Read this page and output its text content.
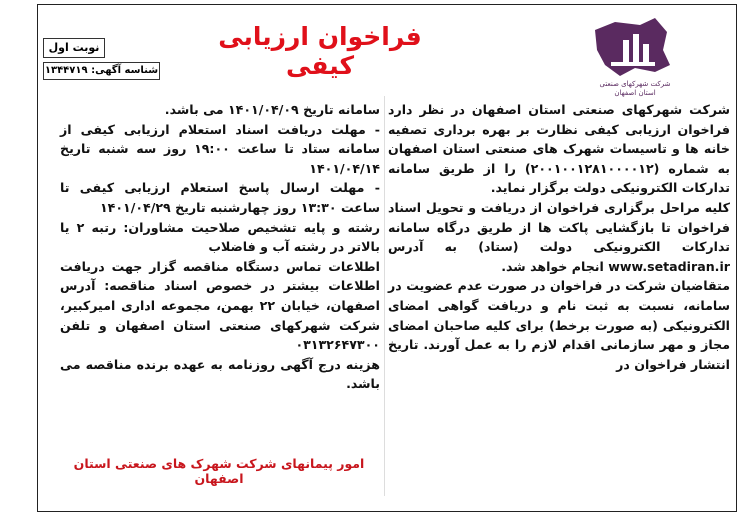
شرکت شهرکهای صنعتی استان اصفهان
فراخوان ارزیابی کیفی
نوبت اول
شناسه آگهی: ۱۳۴۴۷۱۹

شرکت شهرکهای صنعتی استان اصفهان در نظر دارد فراخوان ارزیابی کیفی نظارت بر بهره برداری تصفیه خانه ها و تاسیسات شهرک های صنعتی استان اصفهان به شماره (۲۰۰۱۰۰۱۲۸۱۰۰۰۰۱۲) را از طریق سامانه تدارکات الکترونیکی دولت برگزار نماید.

کلیه مراحل برگزاری فراخوان از دریافت و تحویل اسناد فراخوان تا بازگشایی پاکت ها از طریق درگاه سامانه تدارکات الکترونیکی دولت (ستاد) به آدرس www.setadiran.ir انجام خواهد شد.

متقاضیان شرکت در فراخوان در صورت عدم عضویت در سامانه، نسبت به ثبت نام و دریافت گواهی امضای الکترونیکی (به صورت برخط) برای کلیه صاحبان امضای مجاز و مهر سازمانی اقدام لازم را به عمل آورند. تاریخ انتشار فراخوان در

سامانه تاریخ ۱۴۰۱/۰۴/۰۹ می باشد.

- مهلت دریافت اسناد استعلام ارزیابی کیفی از سامانه ستاد تا ساعت ۱۹:۰۰ روز سه شنبه تاریخ ۱۴۰۱/۰۴/۱۴

- مهلت ارسال پاسخ استعلام ارزیابی کیفی تا ساعت ۱۳:۳۰ روز چهارشنبه تاریخ ۱۴۰۱/۰۴/۲۹

رشته و پایه تشخیص صلاحیت مشاوران: رتبه ۲ یا بالاتر در رشته آب و فاضلاب

اطلاعات تماس دستگاه مناقصه گزار جهت دریافت اطلاعات بیشتر در خصوص اسناد مناقصه: آدرس اصفهان، خیابان ۲۲ بهمن، مجموعه اداری امیرکبیر، شرکت شهرکهای صنعتی استان اصفهان و تلفن ۰۳۱۳۲۶۴۷۳۰۰

هزینه درج آگهی روزنامه به عهده برنده مناقصه می باشد.

امور پیمانهای شرکت شهرک های صنعتی استان اصفهان
